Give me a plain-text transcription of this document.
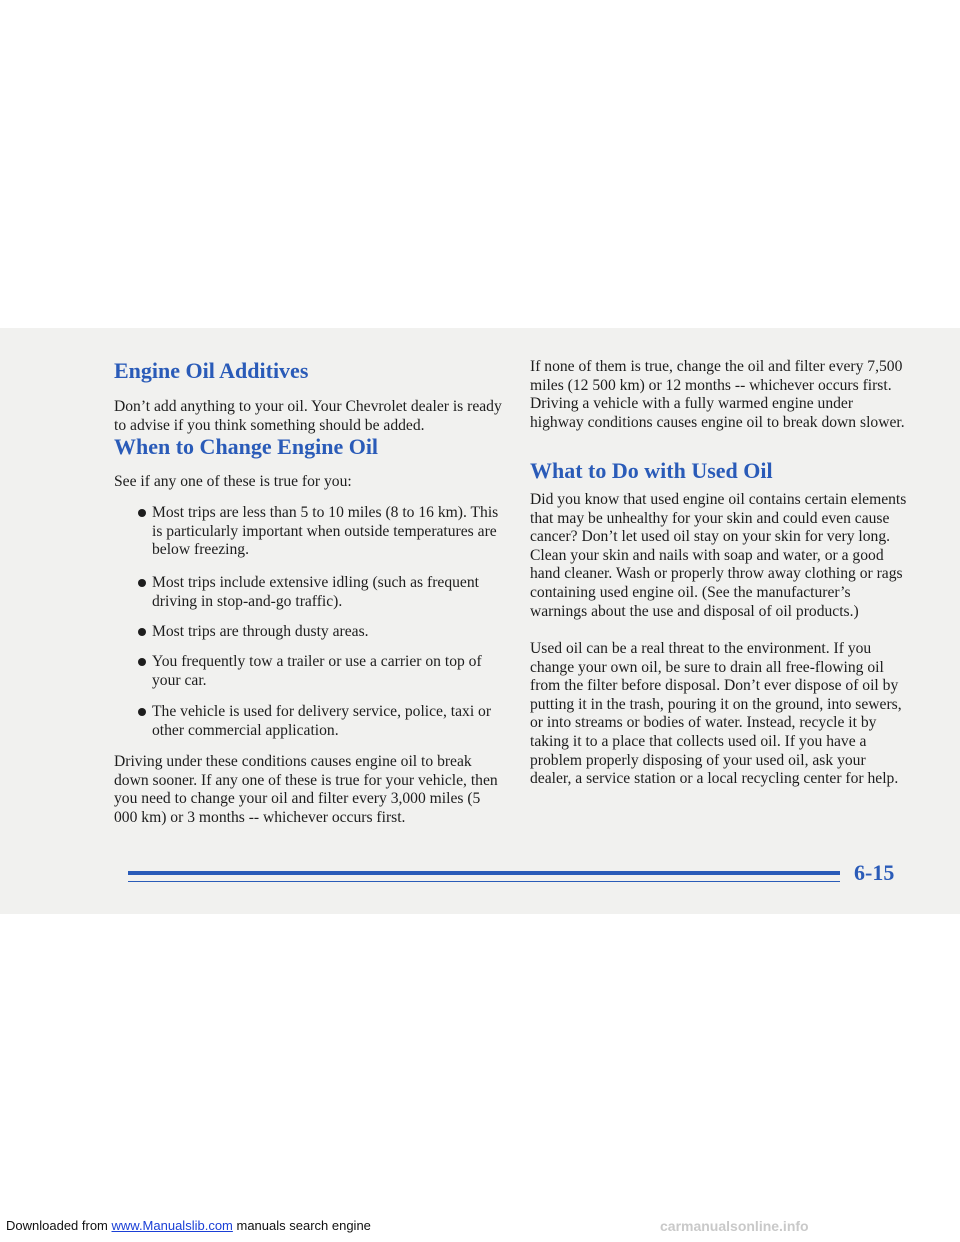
Engine Oil Additives

Don’t add anything to your oil. Your Chevrolet dealer is ready to advise if you think something should be added.

When to Change Engine Oil

See if any one of these is true for you:

Most trips are less than 5 to 10 miles (8 to 16 km). This is particularly important when outside temperatures are below freezing.
Most trips include extensive idling (such as frequent driving in stop-and-go traffic).
Most trips are through dusty areas.
You frequently tow a trailer or use a carrier on top of your car.
The vehicle is used for delivery service, police, taxi or other commercial application.

Driving under these conditions causes engine oil to break down sooner. If any one of these is true for your vehicle, then you need to change your oil and filter every 3,000 miles (5 000 km) or 3 months -- whichever occurs first.

If none of them is true, change the oil and filter every 7,500 miles (12 500 km) or 12 months -- whichever occurs first. Driving a vehicle with a fully warmed engine under highway conditions causes engine oil to break down slower.

What to Do with Used Oil

Did you know that used engine oil contains certain elements that may be unhealthy for your skin and could even cause cancer? Don’t let used oil stay on your skin for very long. Clean your skin and nails with soap and water, or a good hand cleaner. Wash or properly throw away clothing or rags containing used engine oil. (See the manufacturer’s warnings about the use and disposal of oil products.)

Used oil can be a real threat to the environment. If you change your own oil, be sure to drain all free-flowing oil from the filter before disposal. Don’t ever dispose of oil by putting it in the trash, pouring it on the ground, into sewers, or into streams or bodies of water. Instead, recycle it by taking it to a place that collects used oil. If you have a problem properly disposing of your used oil, ask your dealer, a service station or a local recycling center for help.

6-15
Downloaded from www.Manualslib.com manuals search engine	carmanualsonline.info
